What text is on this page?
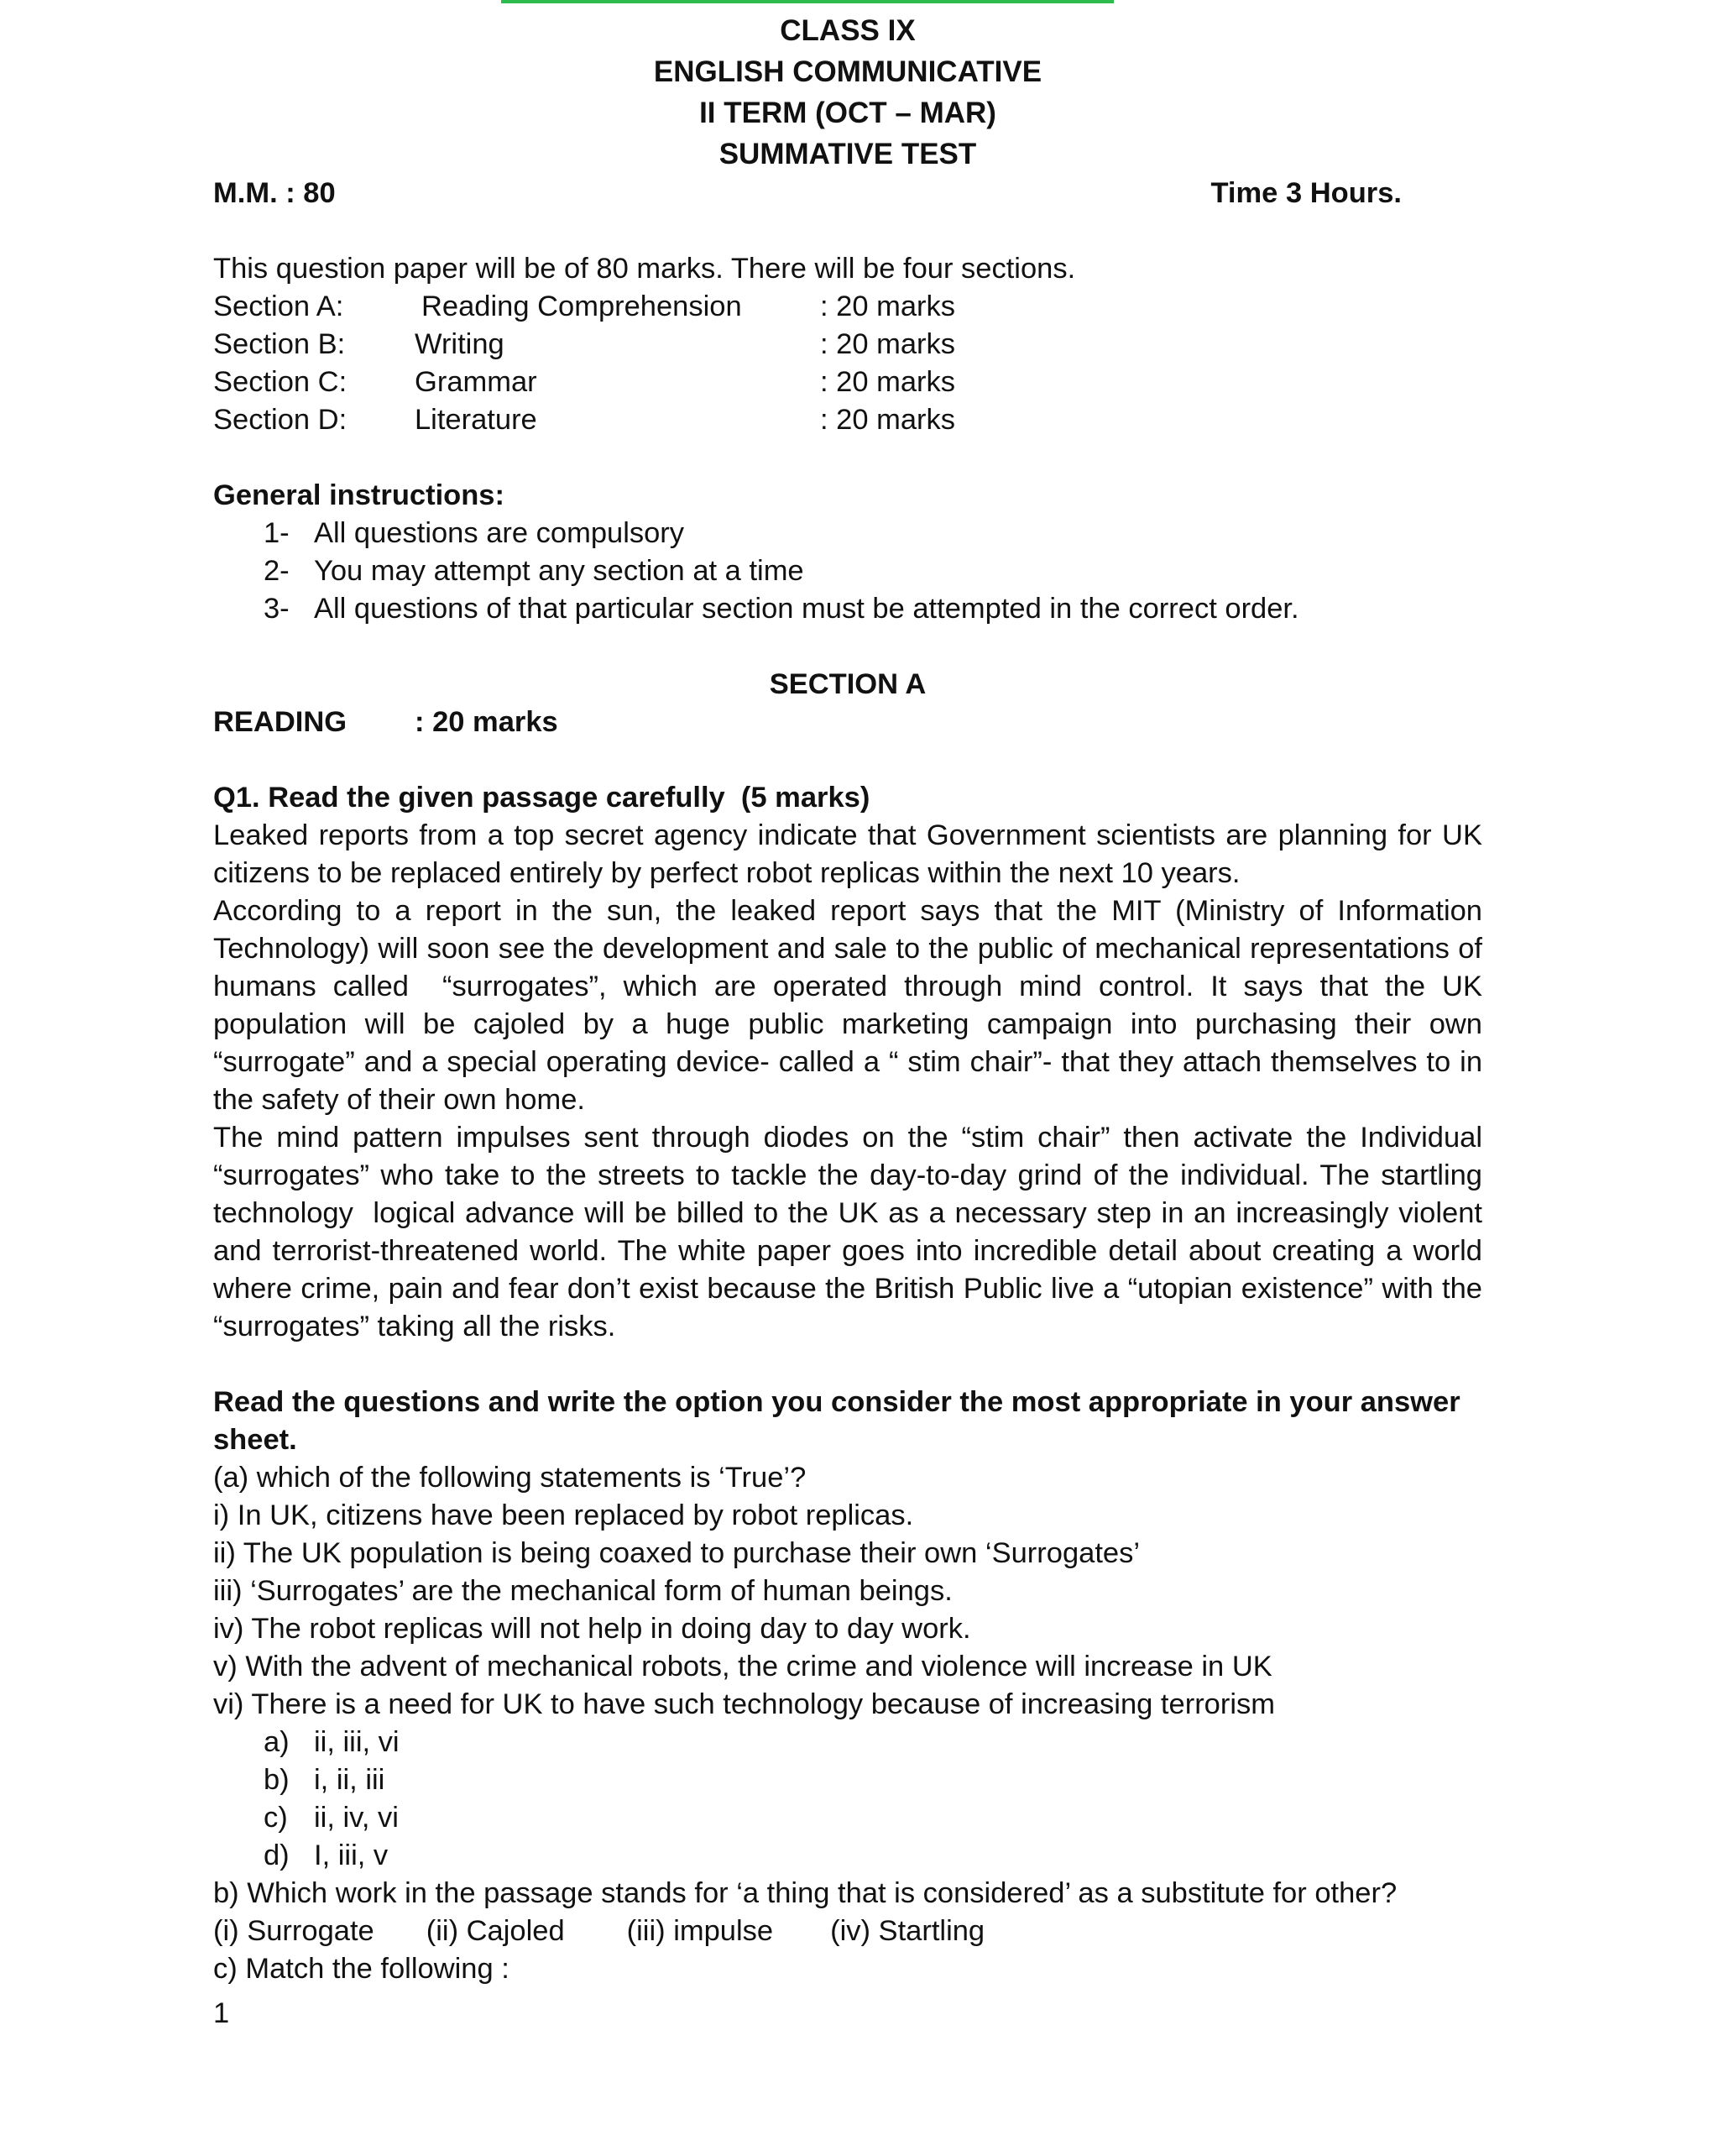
CLASS IX
ENGLISH COMMUNICATIVE
II TERM (OCT – MAR)
SUMMATIVE TEST
M.M. : 80	Time 3 Hours.
This question paper will be of 80 marks. There will be four sections.
Section A:	Reading Comprehension	: 20 marks
Section B:	Writing	: 20 marks
Section C:	Grammar	: 20 marks
Section D:	Literature	: 20 marks
General instructions:
1- All questions are compulsory
2- You may attempt any section at a time
3- All questions of that particular section must be attempted in the correct order.
SECTION A
READING	: 20 marks
Q1. Read the given passage carefully  (5 marks)
Leaked reports from a top secret agency indicate that Government scientists are planning for UK citizens to be replaced entirely by perfect robot replicas within the next 10 years.
According to a report in the sun, the leaked report says that the MIT (Ministry of Information Technology) will soon see the development and sale to the public of mechanical representations of humans called  “surrogates”, which are operated through mind control. It says that the UK population will be cajoled by a huge public marketing campaign into purchasing their own “surrogate” and a special operating device- called a “ stim chair”- that they attach themselves to in the safety of their own home.
The mind pattern impulses sent through diodes on the “stim chair” then activate the Individual “surrogates” who take to the streets to tackle the day-to-day grind of the individual. The startling technology  logical advance will be billed to the UK as a necessary step in an increasingly violent and terrorist-threatened world. The white paper goes into incredible detail about creating a world where crime, pain and fear don’t exist because the British Public live a “utopian existence” with the “surrogates” taking all the risks.
Read the questions and write the option you consider the most appropriate in your answer sheet.
(a) which of the following statements is ‘True’?
i) In UK, citizens have been replaced by robot replicas.
ii) The UK population is being coaxed to purchase their own ‘Surrogates’
iii) ‘Surrogates’ are the mechanical form of human beings.
iv) The robot replicas will not help in doing day to day work.
v) With the advent of mechanical robots, the crime and violence will increase in UK
vi) There is a need for UK to have such technology because of increasing terrorism
a) ii, iii, vi
b) i, ii, iii
c) ii, iv, vi
d) I, iii, v
b) Which work in the passage stands for ‘a thing that is considered’ as a substitute for other?
(i) Surrogate (ii) Cajoled (iii) impulse (iv) Startling
c) Match the following :
1
